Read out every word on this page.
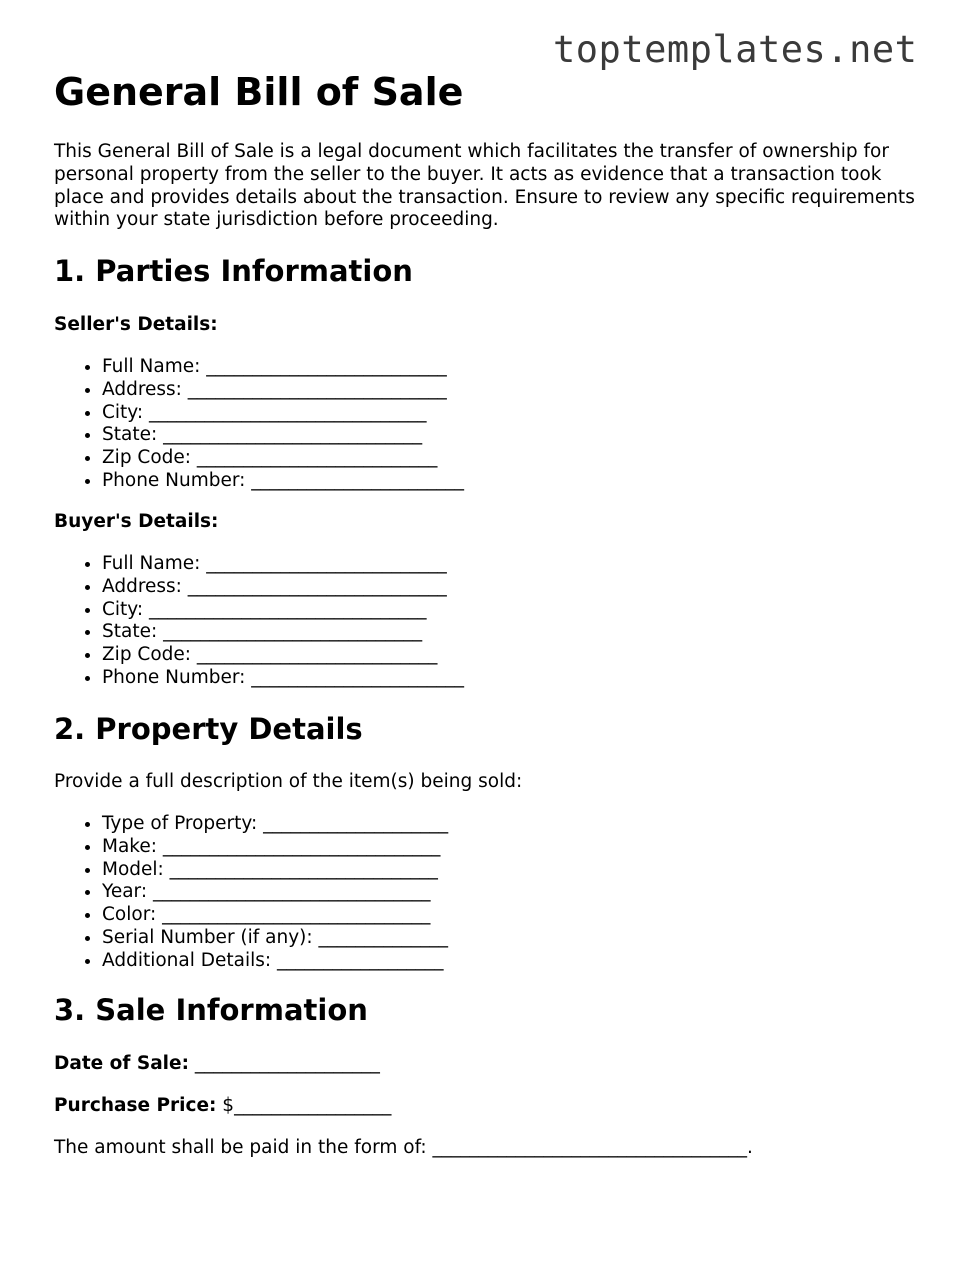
toptemplates.net
General Bill of Sale

This General Bill of Sale is a legal document which facilitates the transfer of ownership for personal property from the seller to the buyer. It acts as evidence that a transaction took place and provides details about the transaction. Ensure to review any specific requirements within your state jurisdiction before proceeding.

1. Parties Information

Seller's Details:

• Full Name: __________________________
• Address: ____________________________
• City: ______________________________
• State: ____________________________
• Zip Code: __________________________
• Phone Number: _______________________

Buyer's Details:

• Full Name: __________________________
• Address: ____________________________
• City: ______________________________
• State: ____________________________
• Zip Code: __________________________
• Phone Number: _______________________
2. Property Details

Provide a full description of the item(s) being sold:

• Type of Property: ____________________
• Make: ______________________________
• Model: _____________________________
• Year: ______________________________
• Color: _____________________________
• Serial Number (if any): ______________
• Additional Details: __________________
3. Sale Information

Date of Sale: ____________________

Purchase Price: $_________________

The amount shall be paid in the form of: __________________________________.
